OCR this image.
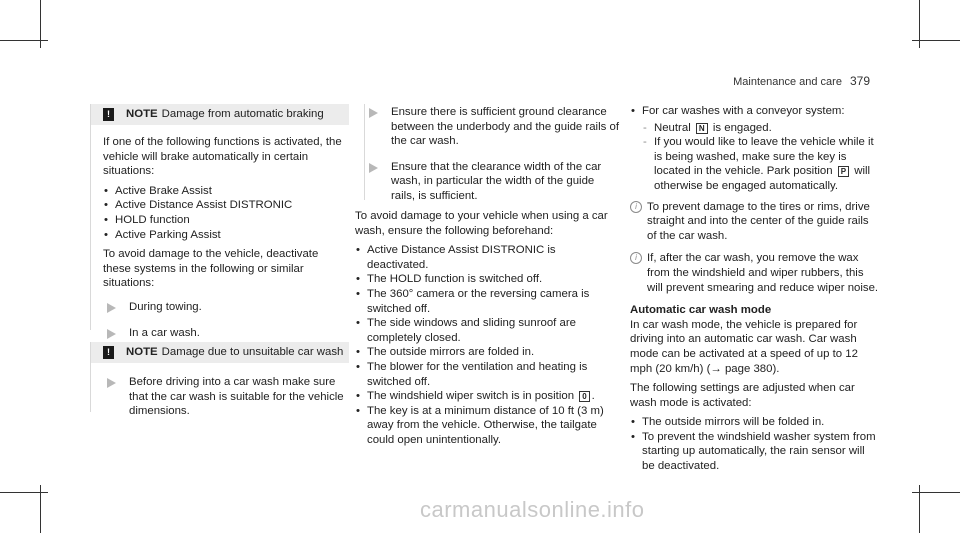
Maintenance and care 379
!	NOTE Damage from automatic braking

If one of the following functions is activated, the vehicle will brake automatically in certain situations:

• Active Brake Assist
• Active Distance Assist DISTRONIC
• HOLD function
• Active Parking Assist

To avoid damage to the vehicle, deactivate these systems in the following or similar situations:

During towing.
In a car wash.
!	NOTE Damage due to unsuitable car wash
Before driving into a car wash make sure that the car wash is suitable for the vehicle dimensions.
Ensure there is sufficient ground clearance between the underbody and the guide rails of the car wash.
Ensure that the clearance width of the car wash, in particular the width of the guide rails, is sufficient.

To avoid damage to your vehicle when using a car wash, ensure the following beforehand:

• Active Distance Assist DISTRONIC is deactivated.
• The HOLD function is switched off.
• The 360° camera or the reversing camera is switched off.
• The side windows and sliding sunroof are completely closed.
• The outside mirrors are folded in.
• The blower for the ventilation and heating is switched off.
• The windshield wiper switch is in position 0 .
• The key is at a minimum distance of 10 ft (3 m) away from the vehicle. Otherwise, the tailgate could open unintentionally.
• For car washes with a conveyor system:
- Neutral N is engaged.
- If you would like to leave the vehicle while it is being washed, make sure the key is located in the vehicle. Park position P will otherwise be engaged automatically.
i To prevent damage to the tires or rims, drive straight and into the center of the guide rails of the car wash.
i If, after the car wash, you remove the wax from the windshield and wiper rubbers, this will prevent smearing and reduce wiper noise.
Automatic car wash mode

In car wash mode, the vehicle is prepared for driving into an automatic car wash. Car wash mode can be activated at a speed of up to 12 mph (20 km/h) (→ page 380).

The following settings are adjusted when car wash mode is activated:

• The outside mirrors will be folded in.
• To prevent the windshield washer system from starting up automatically, the rain sensor will be deactivated.
carmanualsonline.info
